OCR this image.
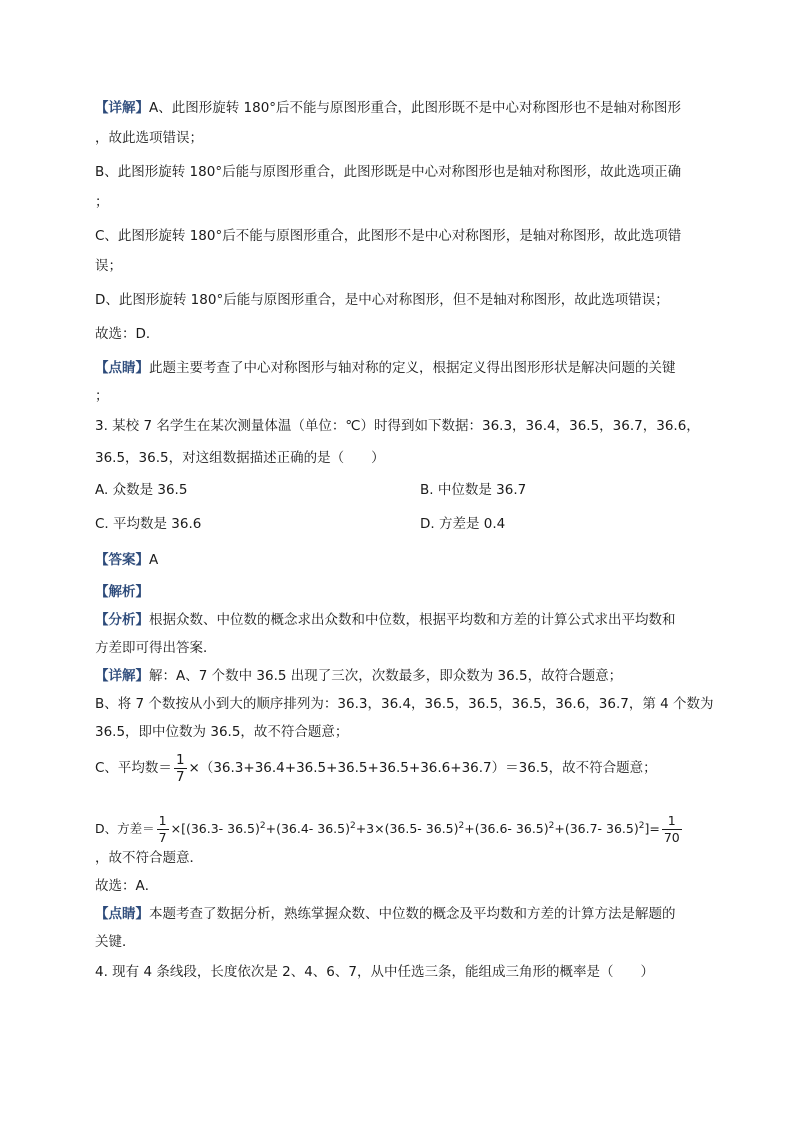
【详解】A、此图形旋转 180°后不能与原图形重合，此图形既不是中心对称图形也不是轴对称图形
，故此选项错误；
B、此图形旋转 180°后能与原图形重合，此图形既是中心对称图形也是轴对称图形，故此选项正确
；
C、此图形旋转 180°后不能与原图形重合，此图形不是中心对称图形，是轴对称图形，故此选项错
误；
D、此图形旋转 180°后能与原图形重合，是中心对称图形，但不是轴对称图形，故此选项错误；
故选：D．
【点睛】此题主要考查了中心对称图形与轴对称的定义，根据定义得出图形形状是解决问题的关键
；
3. 某校 7 名学生在某次测量体温（单位：℃）时得到如下数据：36.3，36.4，36.5，36.7，36.6，
36.5，36.5，对这组数据描述正确的是（　　）
A. 众数是 36.5	B. 中位数是 36.7
C. 平均数是 36.6	D. 方差是 0.4
【答案】A
【解析】
【分析】根据众数、中位数的概念求出众数和中位数，根据平均数和方差的计算公式求出平均数和
方差即可得出答案．
【详解】解：A、7 个数中 36.5 出现了三次，次数最多，即众数为 36.5，故符合题意；
B、将 7 个数按从小到大的顺序排列为：36.3，36.4，36.5，36.5，36.5，36.6，36.7，第 4 个数为
36.5，即中位数为 36.5，故不符合题意；
C、平均数＝ $\frac{1}{7} \times(36.3+36.4+36.5+36.5+36.5+36.6+36.7)=36.5$，故不符合题意；
D、方差＝ $\frac{1}{7} \times[(36.3-$ 36.5)$^2$+(36.4- 36.5)$^2$+3×(36.5- 36.5)$^2$+(36.6- 36.5)$^2$+(36.7- $36.5)^2]= \frac{1}{70}$
，故不符合题意．
故选：A．
【点睛】本题考查了数据分析，熟练掌握众数、中位数的概念及平均数和方差的计算方法是解题的
关键．
4. 现有 4 条线段，长度依次是 2、4、6、7，从中任选三条，能组成三角形的概率是（　　）
